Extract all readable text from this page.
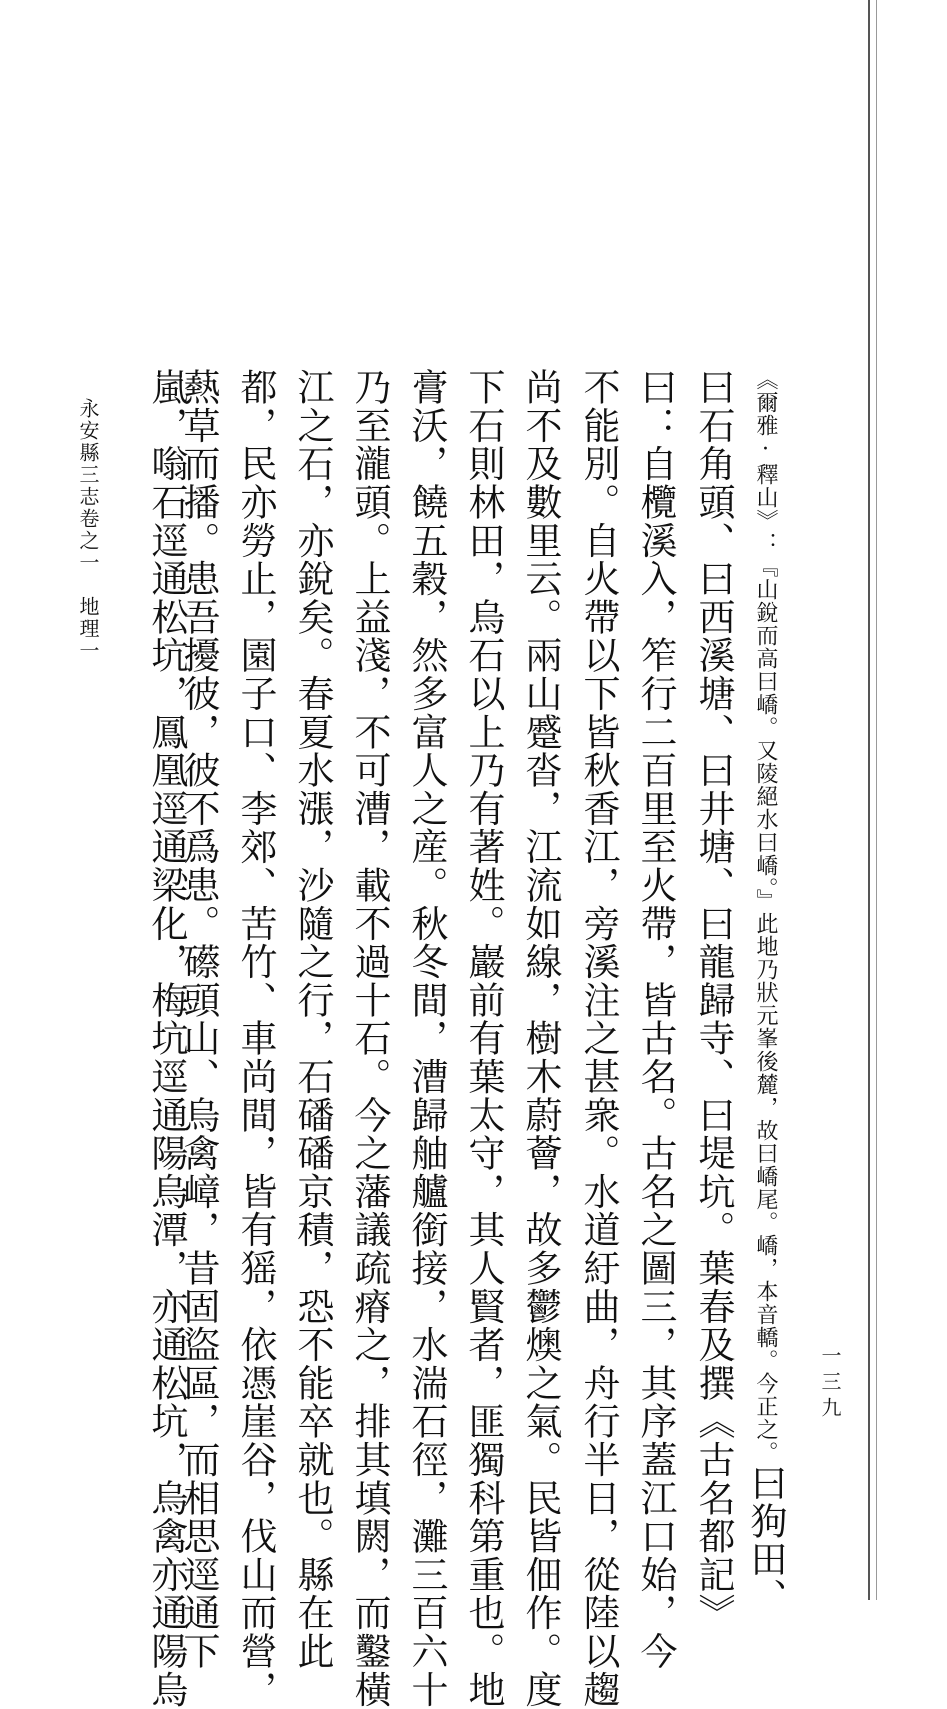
《爾雅·釋山》：『山銳而高曰嶠。又陵絕水曰嶠。』此地乃狀元峯後麓，故曰嶠尾。嶠，本音轎。今正之。曰狗田、
曰石角頭、曰西溪塘、曰井塘、曰龍歸寺、曰堤坑。葉春及撰《古名都記》
曰：自欖溪入，笮行二百里至火帶，皆古名。古名之圖三，其序蓋江口始，今
不能別。自火帶以下皆秋香江，旁溪注之甚衆。水道紆曲，舟行半日，從陸以趨
尚不及數里云。兩山蹙沓，江流如線，樹木蔚薈，故多鬱燠之氣。民皆佃作。度
下石則林田，烏石以上乃有著姓。巖前有葉太守，其人賢者，匪獨科第重也。地
膏沃，饒五穀，然多富人之産。秋冬間，漕歸舳艫銜接，水湍石徑，灘三百六十
乃至瀧頭。上益淺，不可漕，載不過十石。今之藩議疏瘠之，排其填閼，而鑿橫
江之石，亦銳矣。春夏水漲，沙隨之行，石磻磻京積，恐不能卒就也。縣在此
都，民亦勞止，園子口、李郊、苦竹、車尚間，皆有猺，依憑崖谷，伐山而營，
爇草而播。患吾擾彼，彼不爲患。礤頭山、烏禽嶂，昔固盜區，而相思逕通下
嵐，嗡石逕通松坑，鳳凰逕通梁化，梅坑逕通陽烏潭，亦通松坑，烏禽亦通陽烏
永安縣三志卷之一　地理一
一三九
